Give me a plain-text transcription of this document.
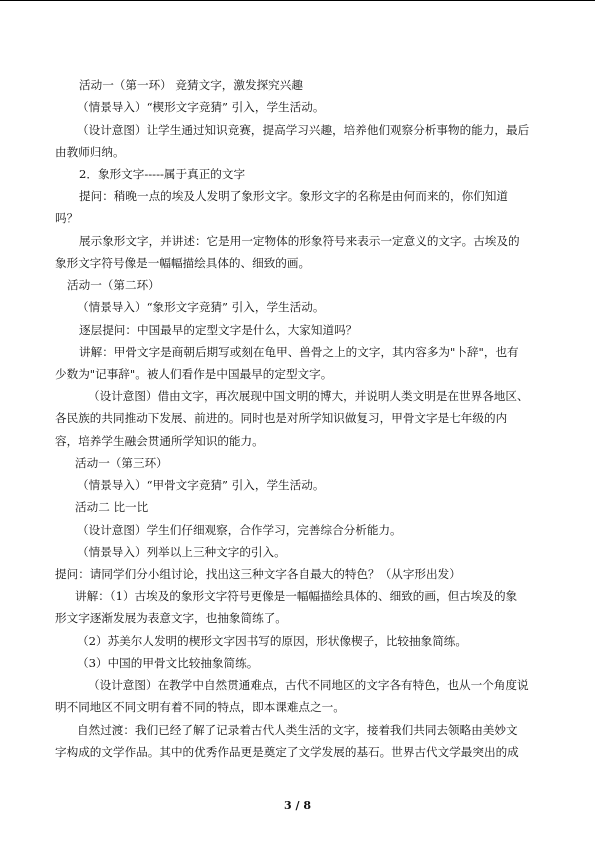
活动一（第一环） 竞猜文字，激发探究兴趣

（情景导入）“楔形文字竞猜” 引入，学生活动。

（设计意图）让学生通过知识竞赛，提高学习兴趣，培养他们观察分析事物的能力，最后

由教师归纳。

2．象形文字-----属于真正的文字

提问：稍晚一点的埃及人发明了象形文字。象形文字的名称是由何而来的，你们知道

吗？

展示象形文字，并讲述：它是用一定物体的形象符号来表示一定意义的文字。古埃及的

象形文字符号像是一幅幅描绘具体的、细致的画。

活动一（第二环）

（情景导入）“象形文字竞猜” 引入，学生活动。

逐层提问：中国最早的定型文字是什么，大家知道吗？

讲解：甲骨文字是商朝后期写或刻在龟甲、兽骨之上的文字，其内容多为"卜辞"，也有

少数为"记事辞"。被人们看作是中国最早的定型文字。

（设计意图）借由文字，再次展现中国文明的博大，并说明人类文明是在世界各地区、

各民族的共同推动下发展、前进的。同时也是对所学知识做复习，甲骨文字是七年级的内

容，培养学生融会贯通所学知识的能力。

活动一（第三环）

（情景导入）“甲骨文字竞猜” 引入，学生活动。

活动二 比一比

（设计意图）学生们仔细观察，合作学习，完善综合分析能力。

（情景导入）列举以上三种文字的引入。

提问：请同学们分小组讨论，找出这三种文字各自最大的特色？（从字形出发）

讲解：（1）古埃及的象形文字符号更像是一幅幅描绘具体的、细致的画，但古埃及的象

形文字逐渐发展为表意文字，也抽象简练了。

（2）苏美尔人发明的楔形文字因书写的原因，形状像楔子，比较抽象简练。

（3）中国的甲骨文比较抽象简练。

（设计意图）在教学中自然贯通难点，古代不同地区的文字各有特色，也从一个角度说

明不同地区不同文明有着不同的特点，即本课难点之一。

自然过渡：我们已经了解了记录着古代人类生活的文字，接着我们共同去领略由美妙文

字构成的文学作品。其中的优秀作品更是奠定了文学发展的基石。世界古代文学最突出的成

3 / 8
